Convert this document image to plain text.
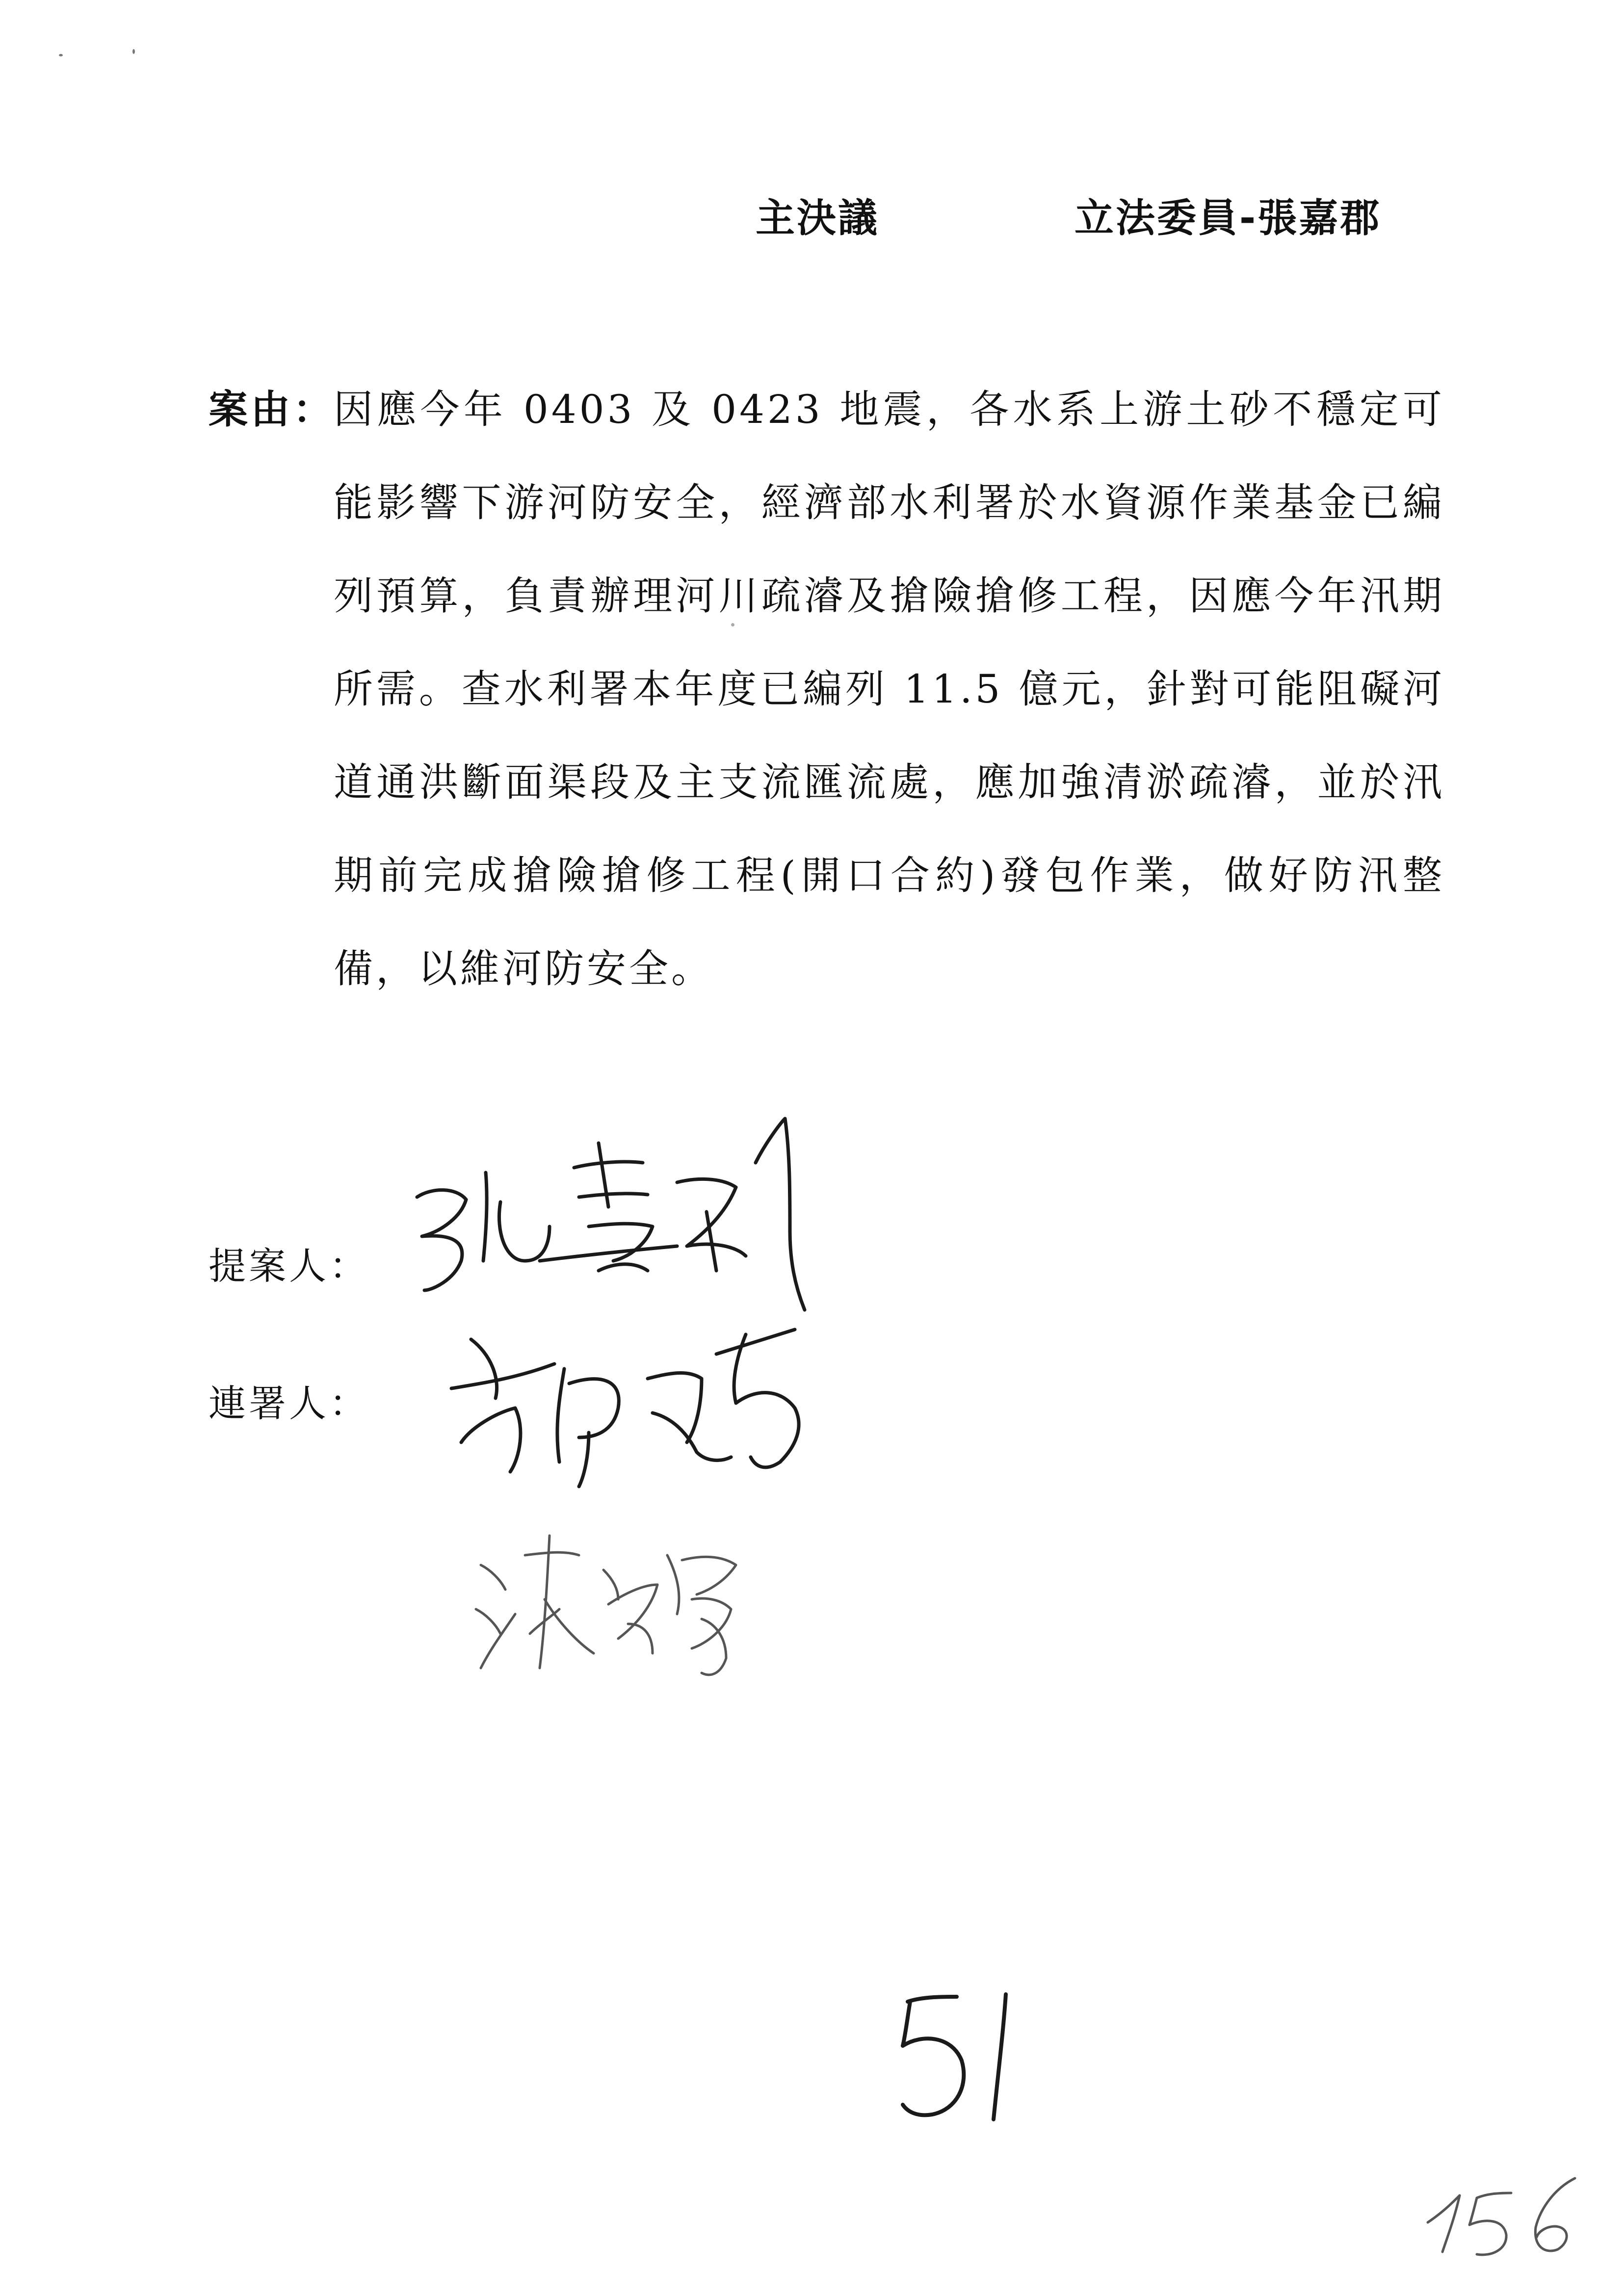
主決議	立法委員-張嘉郡
案由：
因應今年 0403 及 0423 地震，各水系上游土砂不穩定可能影響下游河防安全，經濟部水利署於水資源作業基金已編列預算，負責辦理河川疏濬及搶險搶修工程，因應今年汛期所需。查水利署本年度已編列 11.5 億元，針對可能阻礙河道通洪斷面渠段及主支流匯流處，應加強清淤疏濬，並於汛期前完成搶險搶修工程(開口合約)發包作業，做好防汛整備，以維河防安全。
提案人：
連署人：
